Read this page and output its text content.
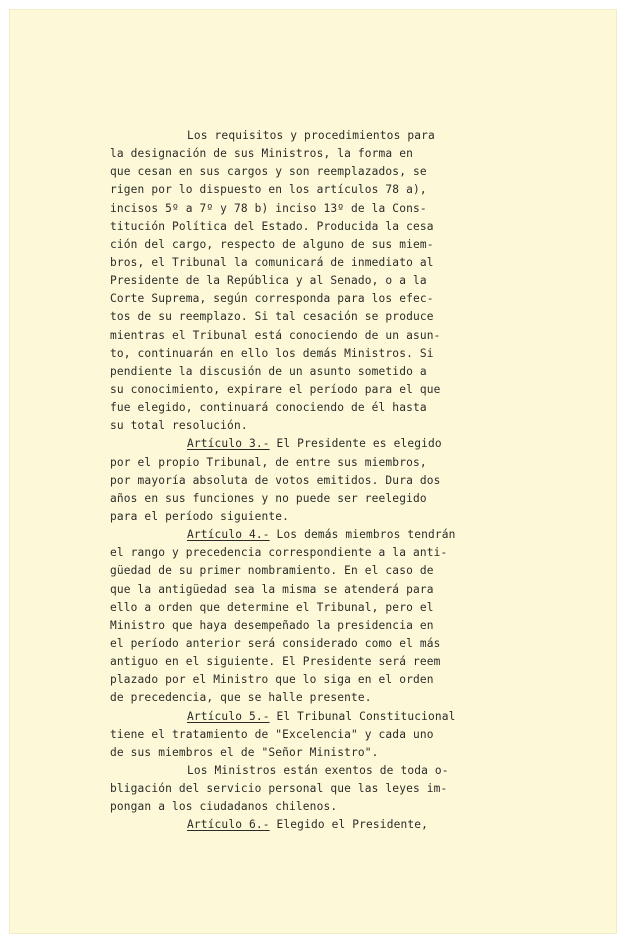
Los requisitos y procedimientos para
la designación de sus Ministros, la forma en
que cesan en sus cargos y son reemplazados, se
rigen por lo dispuesto en los artículos 78 a),
incisos 5º a 7º y 78 b) inciso 13º de la Cons-
titución Política del Estado. Producida la cesa
ción del cargo, respecto de alguno de sus miem-
bros, el Tribunal la comunicará de inmediato al
Presidente de la República y al Senado, o a la
Corte Suprema, según corresponda para los efec-
tos de su reemplazo. Si tal cesación se produce
mientras el Tribunal está conociendo de un asun-
to, continuarán en ello los demás Ministros. Si
pendiente la discusión de un asunto sometido a
su conocimiento, expirare el período para el que
fue elegido, continuará conociendo de él hasta
su total resolución.
Artículo 3.- El Presidente es elegido
por el propio Tribunal, de entre sus miembros,
por mayoría absoluta de votos emitidos. Dura dos
años en sus funciones y no puede ser reelegido
para el período siguiente.
Artículo 4.- Los demás miembros tendrán
el rango y precedencia correspondiente a la anti-
güedad de su primer nombramiento. En el caso de
que la antigüedad sea la misma se atenderá para
ello a orden que determine el Tribunal, pero el
Ministro que haya desempeñado la presidencia en
el período anterior será considerado como el más
antiguo en el siguiente. El Presidente será reem
plazado por el Ministro que lo siga en el orden
de precedencia, que se halle presente.
Artículo 5.- El Tribunal Constitucional
tiene el tratamiento de "Excelencia" y cada uno
de sus miembros el de "Señor Ministro".
Los Ministros están exentos de toda o-
bligación del servicio personal que las leyes im-
pongan a los ciudadanos chilenos.
Artículo 6.- Elegido el Presidente,
